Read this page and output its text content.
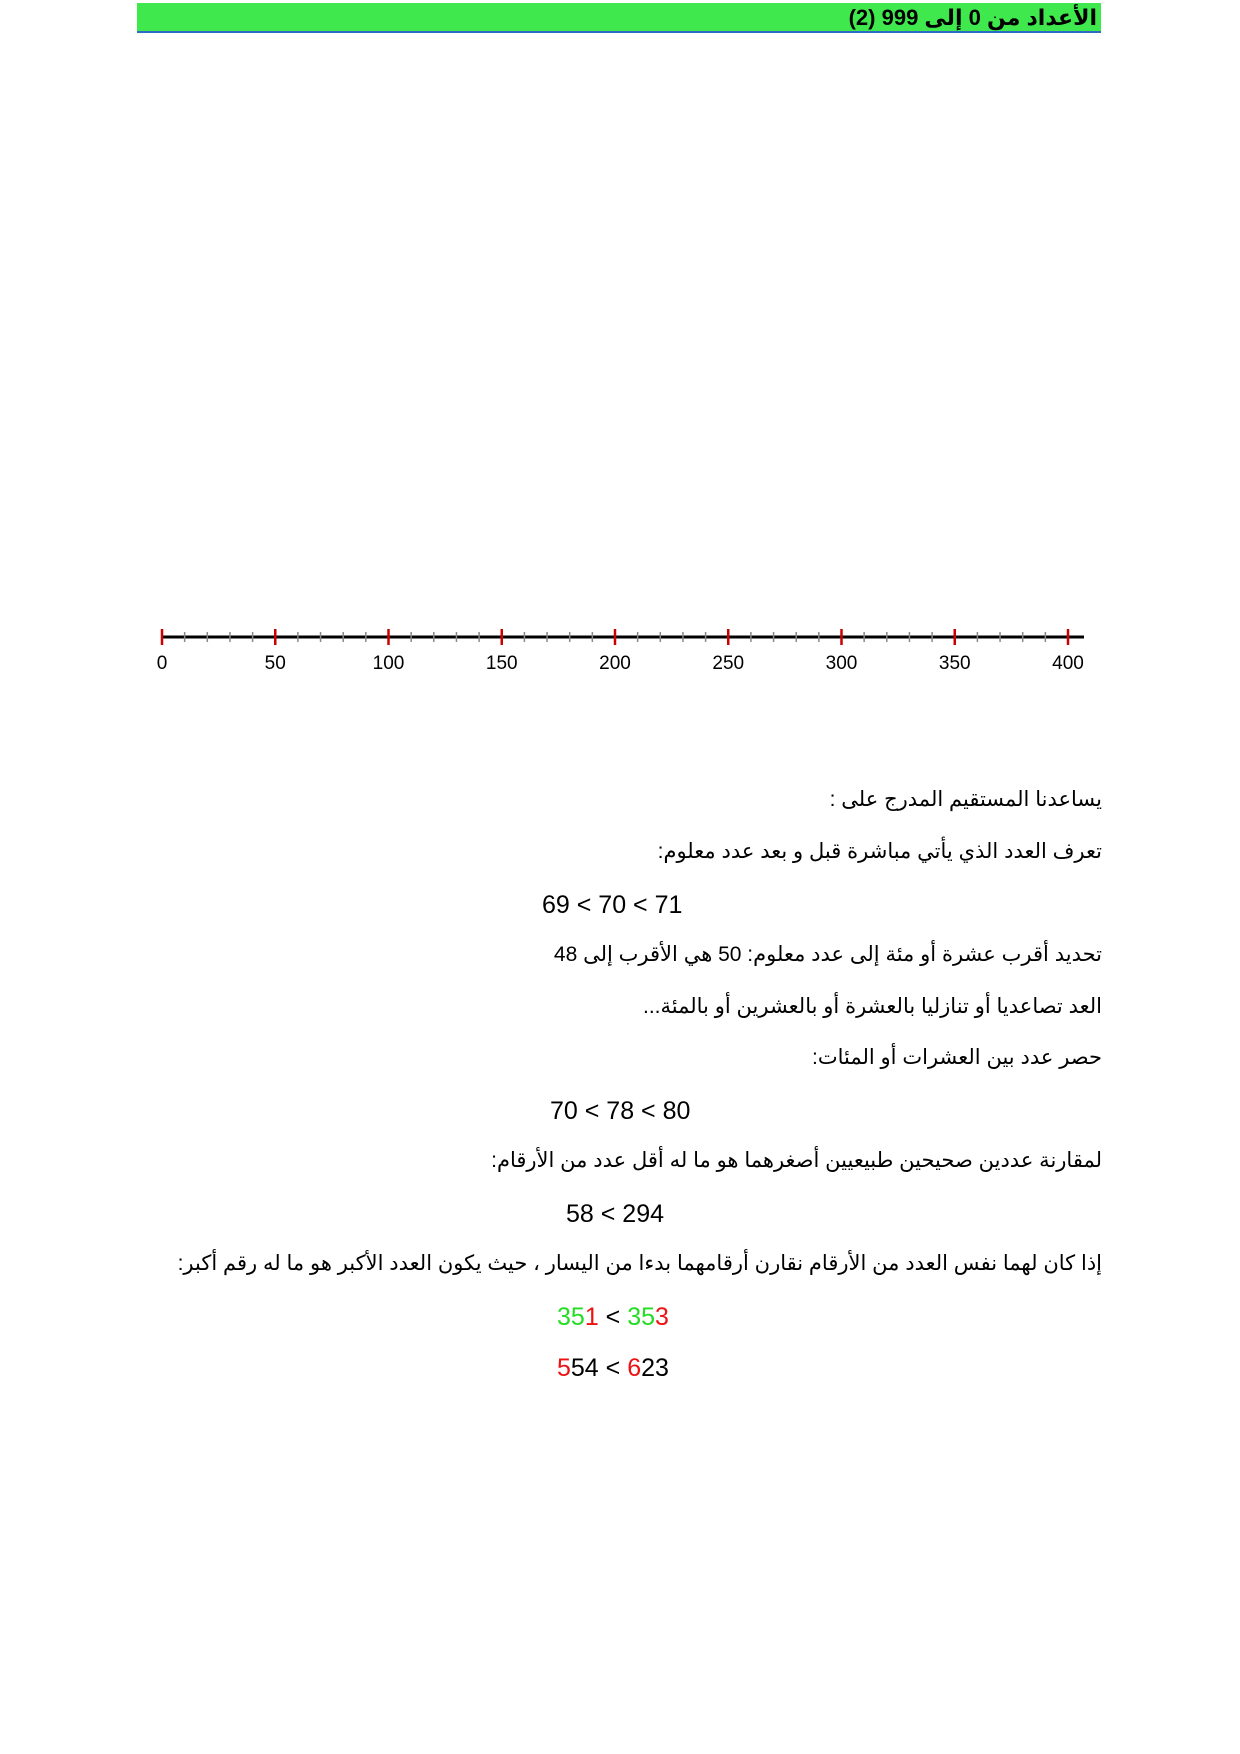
الأعداد من 0 إلى 999 (2)
0	50	100	150	200	250	300	350	400
يساعدنا المستقيم المدرج على :
تعرف العدد الذي يأتي مباشرة قبل و بعد عدد معلوم:
69 < 70 < 71
تحديد أقرب عشرة أو مئة إلى عدد معلوم: 50 هي الأقرب إلى 48
العد تصاعديا أو تنازليا بالعشرة أو بالعشرين أو بالمئة...
حصر عدد بين العشرات أو المئات:
70 < 78 < 80
لمقارنة عددين صحيحين طبيعيين أصغرهما هو ما له أقل عدد من الأرقام:
58 < 294
إذا كان لهما نفس العدد من الأرقام نقارن أرقامهما بدءا من اليسار ، حيث يكون العدد الأكبر هو ما له رقم أكبر:
351 < 353
554 < 623
